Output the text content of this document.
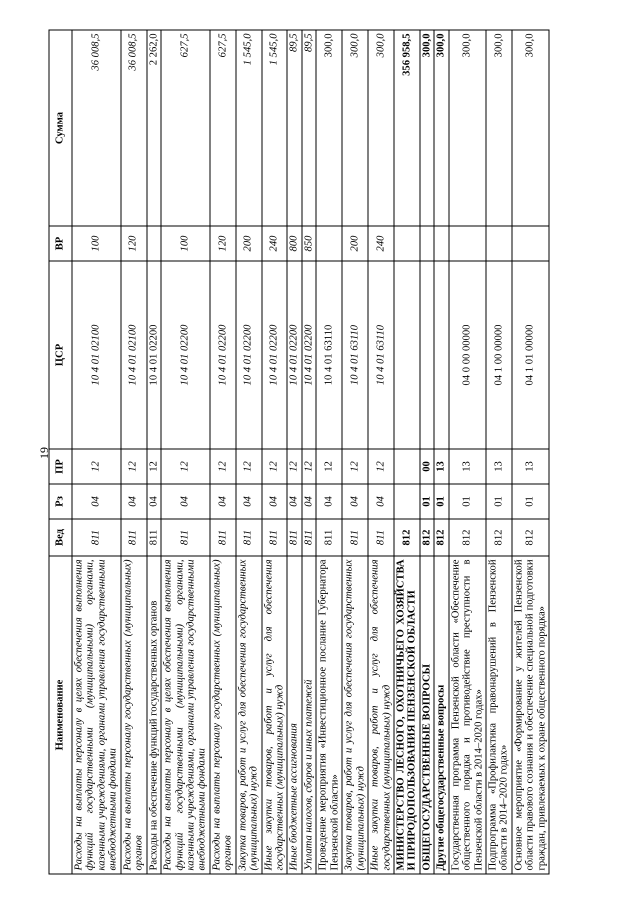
19
Наименование	Вед	Рз	ПР	ЦСР	ВР	Сумма
Расходы на выплаты персоналу в целях обеспечения выполнения функций государственными (муниципальными) органами, казенными учреждениями, органами управления государственными внебюджетными фондами	811	04	12	10 4 01 02100	100	36 008,5
Расходы на выплаты персоналу государственных (муниципальных) органов	811	04	12	10 4 01 02100	120	36 008,5
Расходы на обеспечение функций государственных органов	811	04	12	10 4 01 02200		2 262,0
Расходы на выплаты персоналу в целях обеспечения выполнения функций государственными (муниципальными) органами, казенными учреждениями, органами управления государственными внебюджетными фондами	811	04	12	10 4 01 02200	100	627,5
Расходы на выплаты персоналу государственных (муниципальных) органов	811	04	12	10 4 01 02200	120	627,5
Закупка товаров, работ и услуг для обеспечения государственных (муниципальных) нужд	811	04	12	10 4 01 02200	200	1 545,0
Иные закупки товаров, работ и услуг для обеспечения государственных (муниципальных) нужд	811	04	12	10 4 01 02200	240	1 545,0
Иные бюджетные ассигнования	811	04	12	10 4 01 02200	800	89,5
Уплата налогов, сборов и иных платежей	811	04	12	10 4 01 02200	850	89,5
Проведение мероприятия «Инвестиционное послание Губернатора Пензенской области»	811	04	12	10 4 01 63110		300,0
Закупка товаров, работ и услуг для обеспечения государственных (муниципальных) нужд	811	04	12	10 4 01 63110	200	300,0
Иные закупки товаров, работ и услуг для обеспечения государственных (муниципальных) нужд	811	04	12	10 4 01 63110	240	300,0
МИНИСТЕРСТВО ЛЕСНОГО, ОХОТНИЧЬЕГО ХОЗЯЙСТВА И ПРИРОДОПОЛЬЗОВАНИЯ ПЕНЗЕНСКОЙ ОБЛАСТИ	812					356 958,5
ОБЩЕГОСУДАРСТВЕННЫЕ ВОПРОСЫ	812	01	00			300,0
Другие общегосударственные вопросы	812	01	13			300,0
Государственная программа Пензенской области «Обеспечение общественного порядка и противодействие преступности в Пензенской области в 2014–2020 годах»	812	01	13	04 0 00 00000		300,0
Подпрограмма «Профилактика правонарушений в Пензенской области в 2014–2020 годах»	812	01	13	04 1 00 00000		300,0
Основное мероприятие «Формирование у жителей Пензенской области правового сознания и обеспечение специальной подготовки граждан, привлекаемых к охране общественного порядка»	812	01	13	04 1 01 00000		300,0
